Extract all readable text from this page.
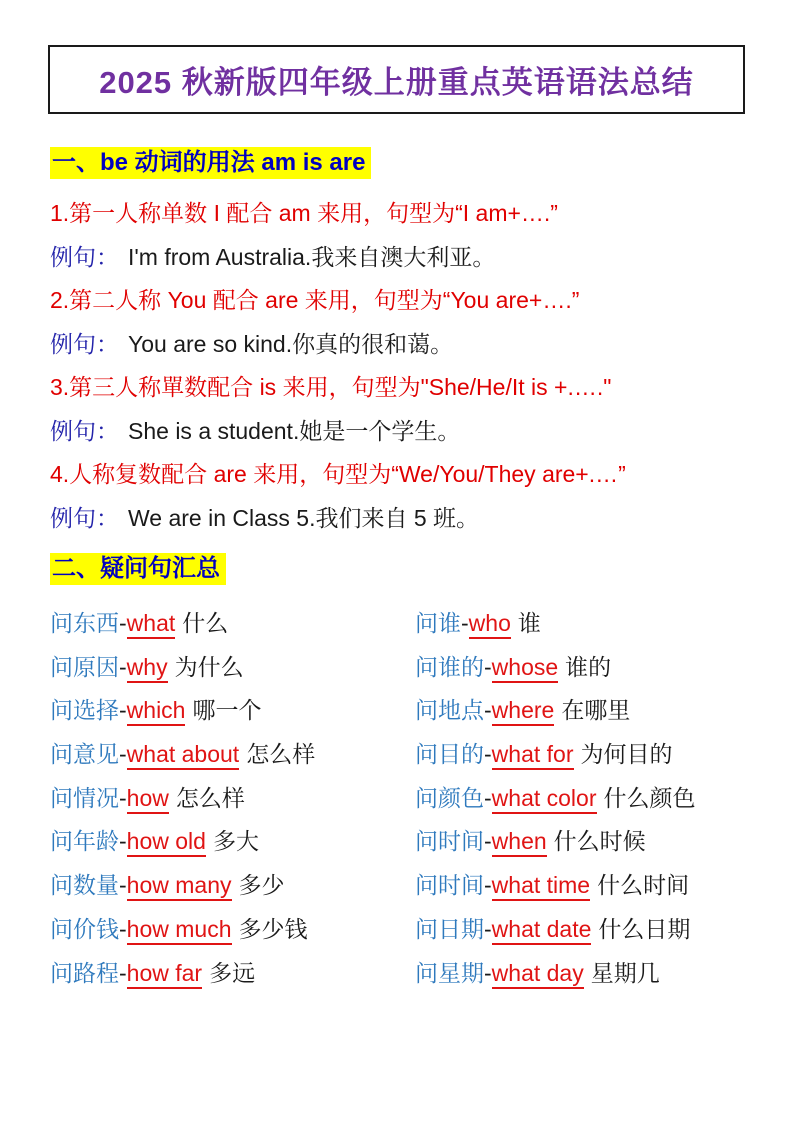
2025 秋新版四年级上册重点英语语法总结
一、be 动词的用法 am is are
1.第一人称单数 I 配合 am 来用，句型为“I am+….”
例句： I'm from Australia.我来自澳大利亚。
2.第二人称 You 配合 are 来用，句型为“You are+….”
例句： You are so kind.你真的很和蔼。
3.第三人称單数配合 is 来用，句型为"She/He/It is +.…."
例句： She is a student.她是一个学生。
4.人称复数配合 are 来用，句型为“We/You/They are+.…”
例句： We are in Class 5.我们来自 5 班。
二、疑问句汇总
问东西-what 什么
问原因-why 为什么
问选择-which 哪一个
问意见-what about 怎么样
问情况-how 怎么样
问年龄-how old 多大
问数量-how many 多少
问价钱-how much 多少钱
问路程-how far 多远
问谁-who 谁
问谁的-whose 谁的
问地点-where 在哪里
问目的-what for 为何目的
问颜色-what color 什么颜色
问时间-when 什么时候
问时间-what time 什么时间
问日期-what date 什么日期
问星期-what day 星期几
